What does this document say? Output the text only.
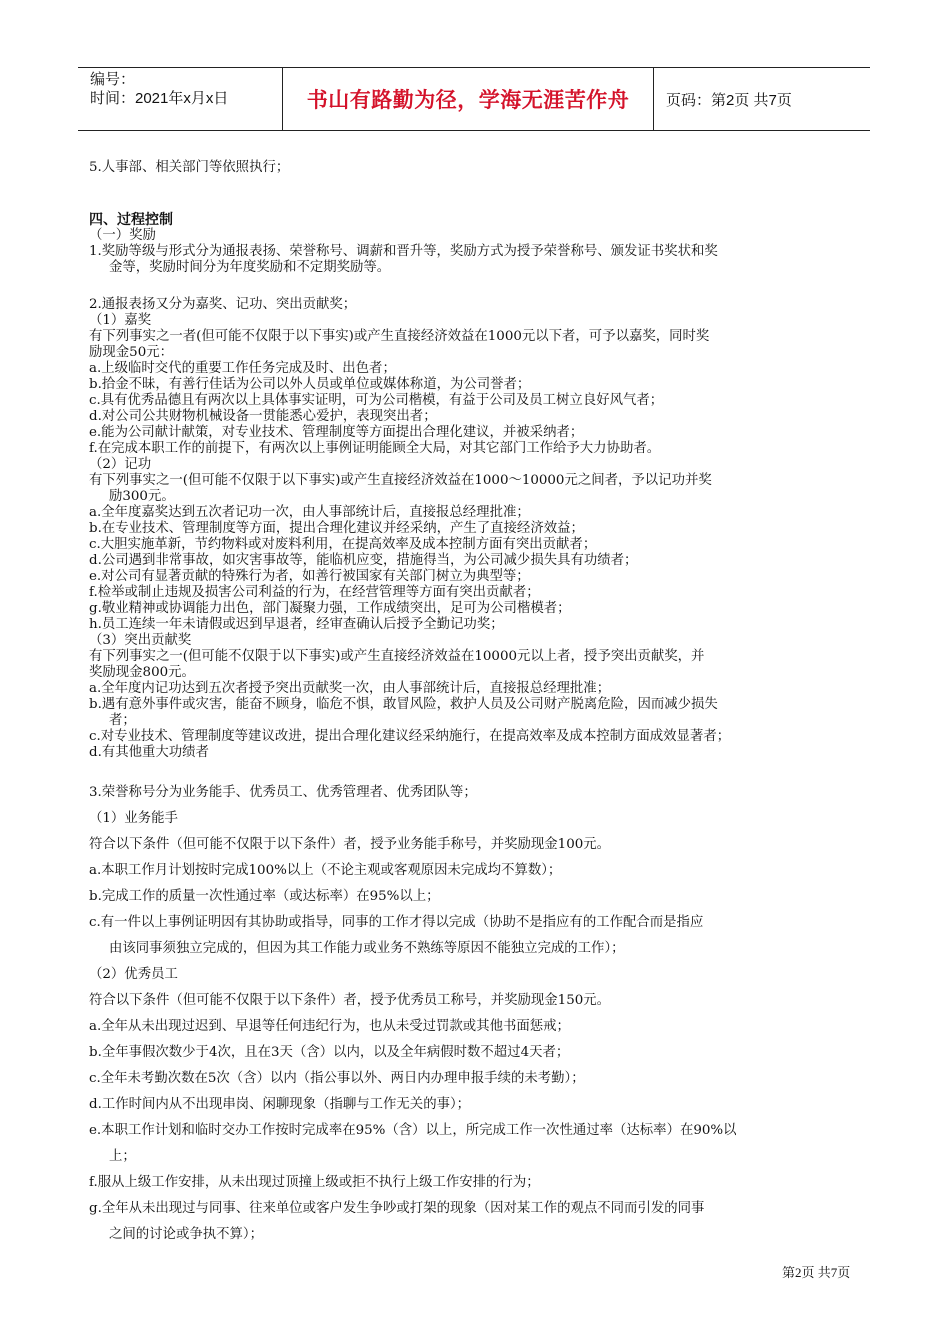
编号：
时间：2021年x月x日	书山有路勤为径，学海无涯苦作舟	页码：第2页 共7页
5.人事部、相关部门等依照执行；
四、过程控制
（一）奖励
1.奖励等级与形式分为通报表扬、荣誉称号、调薪和晋升等，奖励方式为授予荣誉称号、颁发证书奖状和奖
金等，奖励时间分为年度奖励和不定期奖励等。
2.通报表扬又分为嘉奖、记功、突出贡献奖；
（1）嘉奖
有下列事实之一者(但可能不仅限于以下事实)或产生直接经济效益在1000元以下者，可予以嘉奖，同时奖
励现金50元：
a.上级临时交代的重要工作任务完成及时、出色者；
b.拾金不昧，有善行佳话为公司以外人员或单位或媒体称道，为公司誉者；
c.具有优秀品德且有两次以上具体事实证明，可为公司楷模，有益于公司及员工树立良好风气者；
d.对公司公共财物机械设备一贯能悉心爱护，表现突出者；
e.能为公司献计献策，对专业技术、管理制度等方面提出合理化建议，并被采纳者；
f.在完成本职工作的前提下，有两次以上事例证明能顾全大局，对其它部门工作给予大力协助者。
（2）记功
有下列事实之一(但可能不仅限于以下事实)或产生直接经济效益在1000～10000元之间者，予以记功并奖
励300元。
a.全年度嘉奖达到五次者记功一次，由人事部统计后，直接报总经理批准；
b.在专业技术、管理制度等方面，提出合理化建议并经采纳，产生了直接经济效益；
c.大胆实施革新，节约物料或对废料利用，在提高效率及成本控制方面有突出贡献者；
d.公司遇到非常事故，如灾害事故等，能临机应变，措施得当，为公司减少损失具有功绩者；
e.对公司有显著贡献的特殊行为者，如善行被国家有关部门树立为典型等；
f.检举或制止违规及损害公司利益的行为，在经营管理等方面有突出贡献者；
g.敬业精神或协调能力出色，部门凝聚力强，工作成绩突出，足可为公司楷模者；
h.员工连续一年未请假或迟到早退者，经审查确认后授予全勤记功奖；
（3）突出贡献奖
有下列事实之一(但可能不仅限于以下事实)或产生直接经济效益在10000元以上者，授予突出贡献奖，并
奖励现金800元。
a.全年度内记功达到五次者授予突出贡献奖一次，由人事部统计后，直接报总经理批准；
b.遇有意外事件或灾害，能奋不顾身，临危不惧，敢冒风险，救护人员及公司财产脱离危险，因而减少损失
者；
c.对专业技术、管理制度等建议改进，提出合理化建议经采纳施行，在提高效率及成本控制方面成效显著者；
d.有其他重大功绩者
3.荣誉称号分为业务能手、优秀员工、优秀管理者、优秀团队等；
（1）业务能手
符合以下条件（但可能不仅限于以下条件）者，授予业务能手称号，并奖励现金100元。
a.本职工作月计划按时完成100%以上（不论主观或客观原因未完成均不算数）；
b.完成工作的质量一次性通过率（或达标率）在95%以上；
c.有一件以上事例证明因有其协助或指导，同事的工作才得以完成（协助不是指应有的工作配合而是指应
由该同事须独立完成的，但因为其工作能力或业务不熟练等原因不能独立完成的工作）；
（2）优秀员工
符合以下条件（但可能不仅限于以下条件）者，授予优秀员工称号，并奖励现金150元。
a.全年从未出现过迟到、早退等任何违纪行为，也从未受过罚款或其他书面惩戒；
b.全年事假次数少于4次，且在3天（含）以内，以及全年病假时数不超过4天者；
c.全年未考勤次数在5次（含）以内（指公事以外、两日内办理申报手续的未考勤）；
d.工作时间内从不出现串岗、闲聊现象（指聊与工作无关的事）；
e.本职工作计划和临时交办工作按时完成率在95%（含）以上，所完成工作一次性通过率（达标率）在90%以
上；
f.服从上级工作安排，从未出现过顶撞上级或拒不执行上级工作安排的行为；
g.全年从未出现过与同事、往来单位或客户发生争吵或打架的现象（因对某工作的观点不同而引发的同事
之间的讨论或争执不算）；
第2页 共7页
